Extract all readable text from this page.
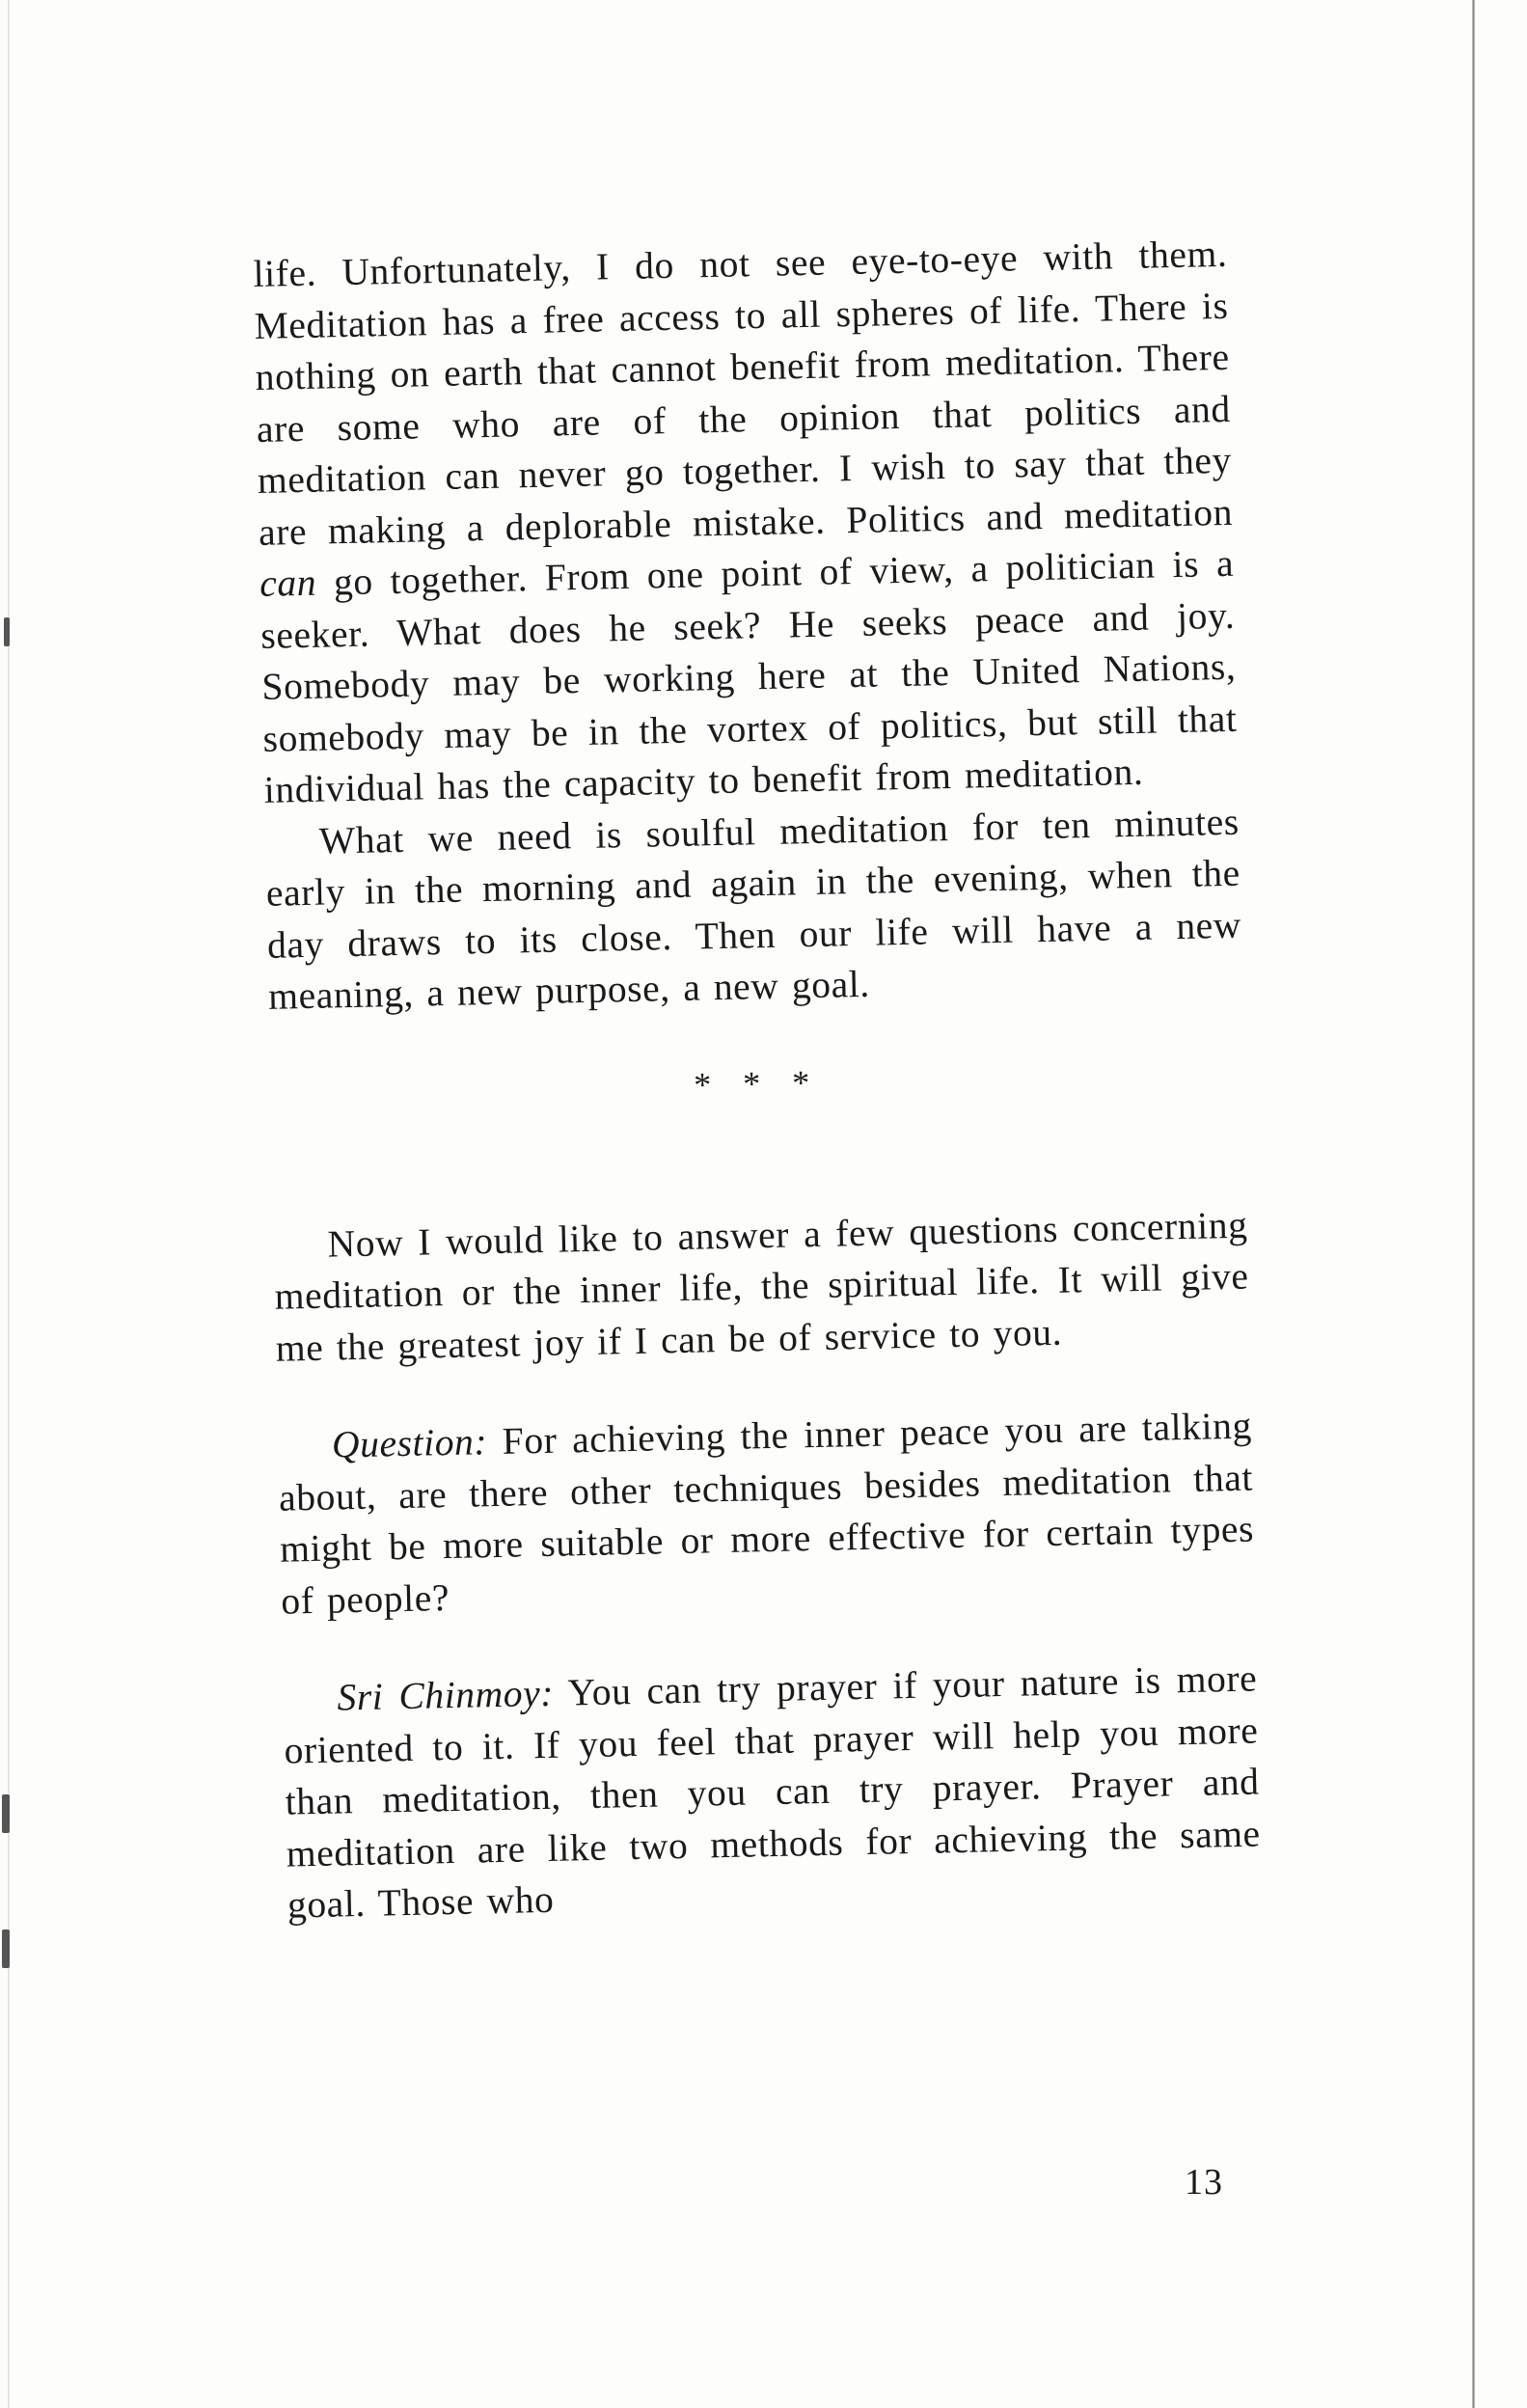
life. Unfortunately, I do not see eye-to-eye with them. Meditation has a free access to all spheres of life. There is nothing on earth that cannot benefit from meditation. There are some who are of the opinion that politics and meditation can never go together. I wish to say that they are making a deplorable mistake. Politics and meditation can go together. From one point of view, a politician is a seeker. What does he seek? He seeks peace and joy. Somebody may be working here at the United Nations, somebody may be in the vortex of politics, but still that individual has the capacity to benefit from meditation.

What we need is soulful meditation for ten minutes early in the morning and again in the evening, when the day draws to its close. Then our life will have a new meaning, a new purpose, a new goal.

* * *

Now I would like to answer a few questions concerning meditation or the inner life, the spiritual life. It will give me the greatest joy if I can be of service to you.

Question: For achieving the inner peace you are talking about, are there other techniques besides meditation that might be more suitable or more effective for certain types of people?

Sri Chinmoy: You can try prayer if your nature is more oriented to it. If you feel that prayer will help you more than meditation, then you can try prayer. Prayer and meditation are like two methods for achieving the same goal. Those who

13
